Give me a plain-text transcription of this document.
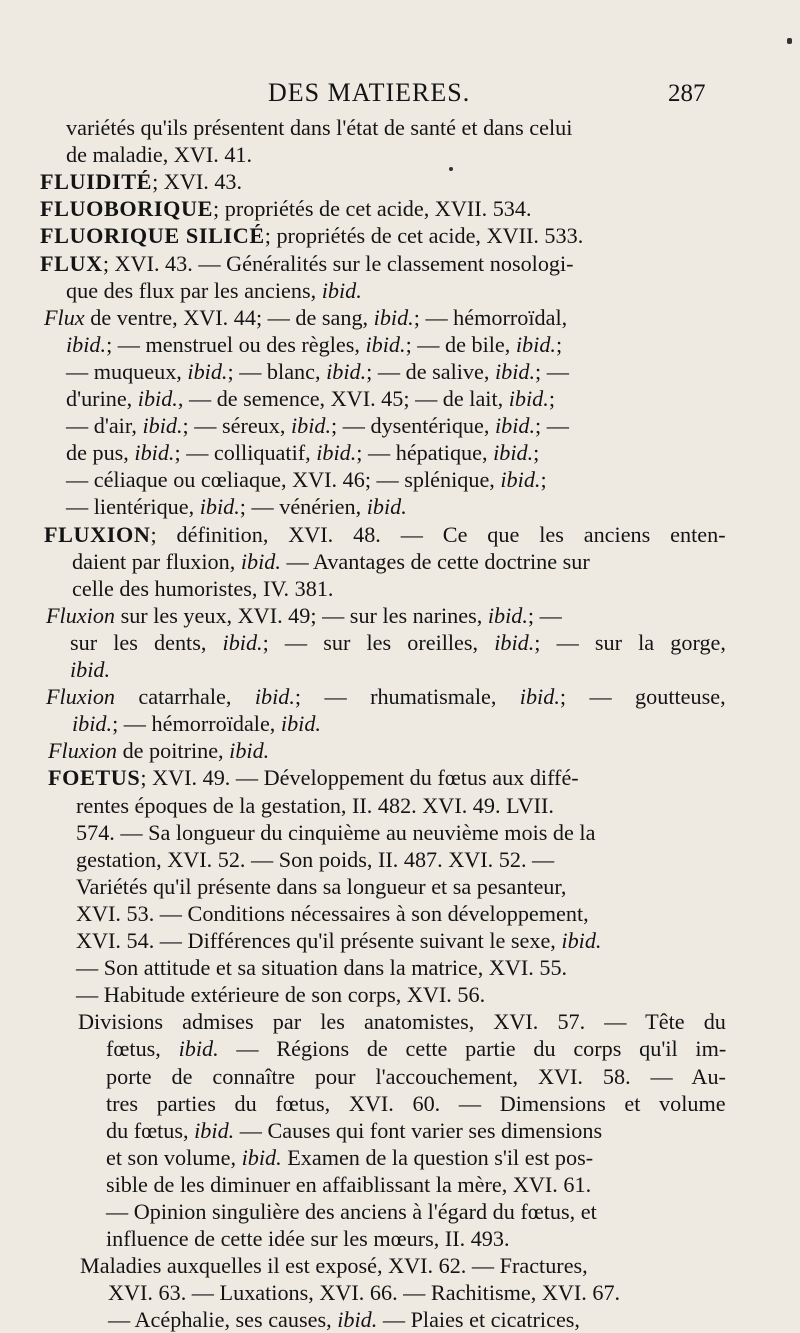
DES MATIERES.	287
variétés qu'ils présentent dans l'état de santé et dans celui
de maladie, XVI. 41.
FLUIDITÉ; XVI. 43.
FLUOBORIQUE; propriétés de cet acide, XVII. 534.
FLUORIQUE SILICÉ; propriétés de cet acide, XVII. 533.
FLUX; XVI. 43. — Généralités sur le classement nosologi-
que des flux par les anciens, ibid.
Flux de ventre, XVI. 44; — de sang, ibid.; — hémorroïdal,
ibid.; — menstruel ou des règles, ibid.; — de bile, ibid.;
— muqueux, ibid.; — blanc, ibid.; — de salive, ibid.; —
d'urine, ibid., — de semence, XVI. 45; — de lait, ibid.;
— d'air, ibid.; — séreux, ibid.; — dysentérique, ibid.; —
de pus, ibid.; — colliquatif, ibid.; — hépatique, ibid.;
— céliaque ou cœliaque, XVI. 46; — splénique, ibid.;
— lientérique, ibid.; — vénérien, ibid.
FLUXION; définition, XVI. 48. — Ce que les anciens enten-
daient par fluxion, ibid. — Avantages de cette doctrine sur
celle des humoristes, IV. 381.
Fluxion sur les yeux, XVI. 49; — sur les narines, ibid.; —
sur les dents, ibid.; — sur les oreilles, ibid.; — sur la gorge,
ibid.
Fluxion catarrhale, ibid.; — rhumatismale, ibid.; — goutteuse,
ibid.; — hémorroïdale, ibid.
Fluxion de poitrine, ibid.
FOETUS; XVI. 49. — Développement du fœtus aux diffé-
rentes époques de la gestation, II. 482. XVI. 49. LVII.
574. — Sa longueur du cinquième au neuvième mois de la
gestation, XVI. 52. — Son poids, II. 487. XVI. 52. —
Variétés qu'il présente dans sa longueur et sa pesanteur,
XVI. 53. — Conditions nécessaires à son développement,
XVI. 54. — Différences qu'il présente suivant le sexe, ibid.
— Son attitude et sa situation dans la matrice, XVI. 55.
— Habitude extérieure de son corps, XVI. 56.
Divisions admises par les anatomistes, XVI. 57. — Tête du
fœtus, ibid. — Régions de cette partie du corps qu'il im-
porte de connaître pour l'accouchement, XVI. 58. — Au-
tres parties du fœtus, XVI. 60. — Dimensions et volume
du fœtus, ibid. — Causes qui font varier ses dimensions
et son volume, ibid. Examen de la question s'il est pos-
sible de les diminuer en affaiblissant la mère, XVI. 61.
— Opinion singulière des anciens à l'égard du fœtus, et
influence de cette idée sur les mœurs, II. 493.
Maladies auxquelles il est exposé, XVI. 62. — Fractures,
XVI. 63. — Luxations, XVI. 66. — Rachitisme, XVI. 67.
— Acéphalie, ses causes, ibid. — Plaies et cicatrices,
